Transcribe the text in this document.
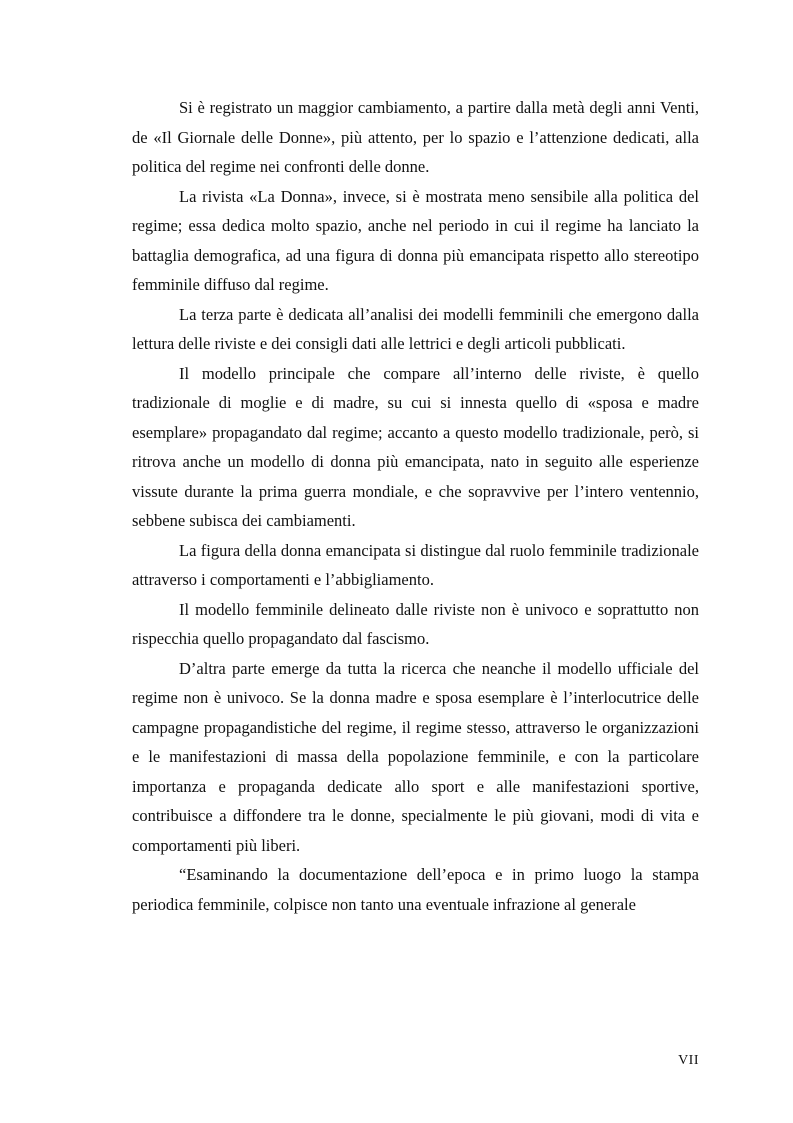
Si è registrato un maggior cambiamento, a partire dalla metà degli anni Venti, de «Il Giornale delle Donne», più attento, per lo spazio e l’attenzione dedicati, alla politica del regime nei confronti delle donne.

La rivista «La Donna», invece, si è mostrata meno sensibile alla politica del regime; essa dedica molto spazio, anche nel periodo in cui il regime ha lanciato la battaglia demografica, ad una figura di donna più emancipata rispetto allo stereotipo femminile diffuso dal regime.

La terza parte è dedicata all’analisi dei modelli femminili che emergono dalla lettura delle riviste e dei consigli dati alle lettrici e degli articoli pubblicati.

Il modello principale che compare all’interno delle riviste, è quello tradizionale di moglie e di madre, su cui si innesta quello di «sposa e madre esemplare» propagandato dal regime; accanto a questo modello tradizionale, però, si ritrova anche un modello di donna più emancipata, nato in seguito alle esperienze vissute durante la prima guerra mondiale, e che sopravvive per l’intero ventennio, sebbene subisca dei cambiamenti.

La figura della donna emancipata si distingue dal ruolo femminile tradizionale attraverso i comportamenti e l’abbigliamento.

Il modello femminile delineato dalle riviste non è univoco e soprattutto non rispecchia quello propagandato dal fascismo.

D’altra parte emerge da tutta la ricerca che neanche il modello ufficiale del regime non è univoco. Se la donna madre e sposa esemplare è l’interlocutrice delle campagne propagandistiche del regime, il regime stesso, attraverso le organizzazioni e le manifestazioni di massa della popolazione femminile, e con la particolare importanza e propaganda dedicate allo sport e alle manifestazioni sportive, contribuisce a diffondere tra le donne, specialmente le più giovani, modi di vita e comportamenti più liberi.

“Esaminando la documentazione dell’epoca e in primo luogo la stampa periodica femminile, colpisce non tanto una eventuale infrazione al generale

VII
